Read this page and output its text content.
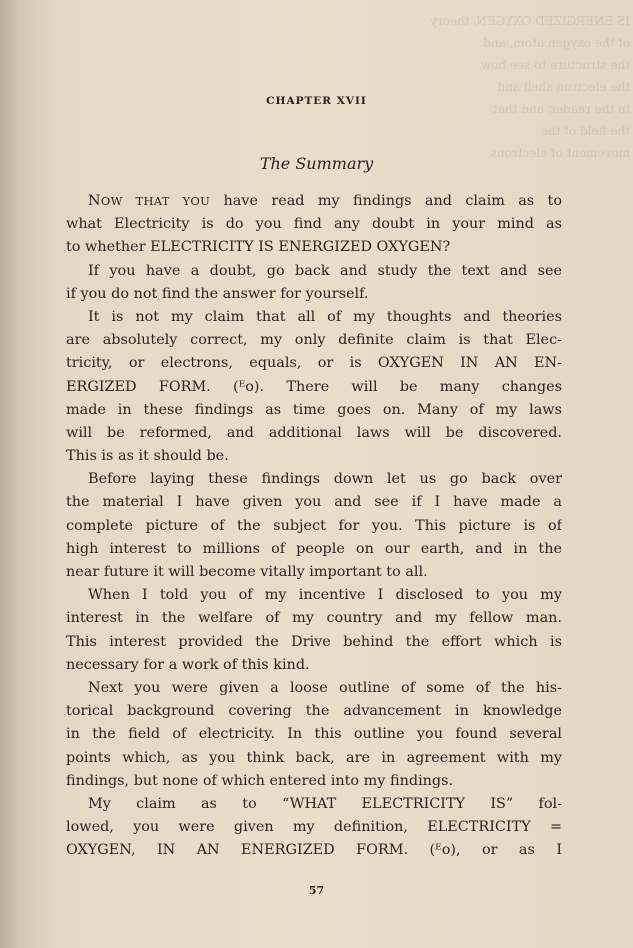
IS ENERGIZED OXYGEN, theory
of the oxygen atom, and
the structure to see how
the electron shell and
to the reader, and that
the field of the
movement of electrons
CHAPTER XVII
The Summary
NOW THAT YOU have read my findings and claim as to
what Electricity is do you find any doubt in your mind as
to whether ELECTRICITY IS ENERGIZED OXYGEN?
If you have a doubt, go back and study the text and see
if you do not find the answer for yourself.
It is not my claim that all of my thoughts and theories
are absolutely correct, my only definite claim is that Elec-
tricity, or electrons, equals, or is OXYGEN IN AN EN-
ERGIZED FORM. (ᴱo). There will be many changes
made in these findings as time goes on. Many of my laws
will be reformed, and additional laws will be discovered.
This is as it should be.
Before laying these findings down let us go back over
the material I have given you and see if I have made a
complete picture of the subject for you. This picture is of
high interest to millions of people on our earth, and in the
near future it will become vitally important to all.
When I told you of my incentive I disclosed to you my
interest in the welfare of my country and my fellow man.
This interest provided the Drive behind the effort which is
necessary for a work of this kind.
Next you were given a loose outline of some of the his-
torical background covering the advancement in knowledge
in the field of electricity. In this outline you found several
points which, as you think back, are in agreement with my
findings, but none of which entered into my findings.
My claim as to “WHAT ELECTRICITY IS” fol-
lowed, you were given my definition, ELECTRICITY =
OXYGEN, IN AN ENERGIZED FORM. (ᴱo), or as I
57
